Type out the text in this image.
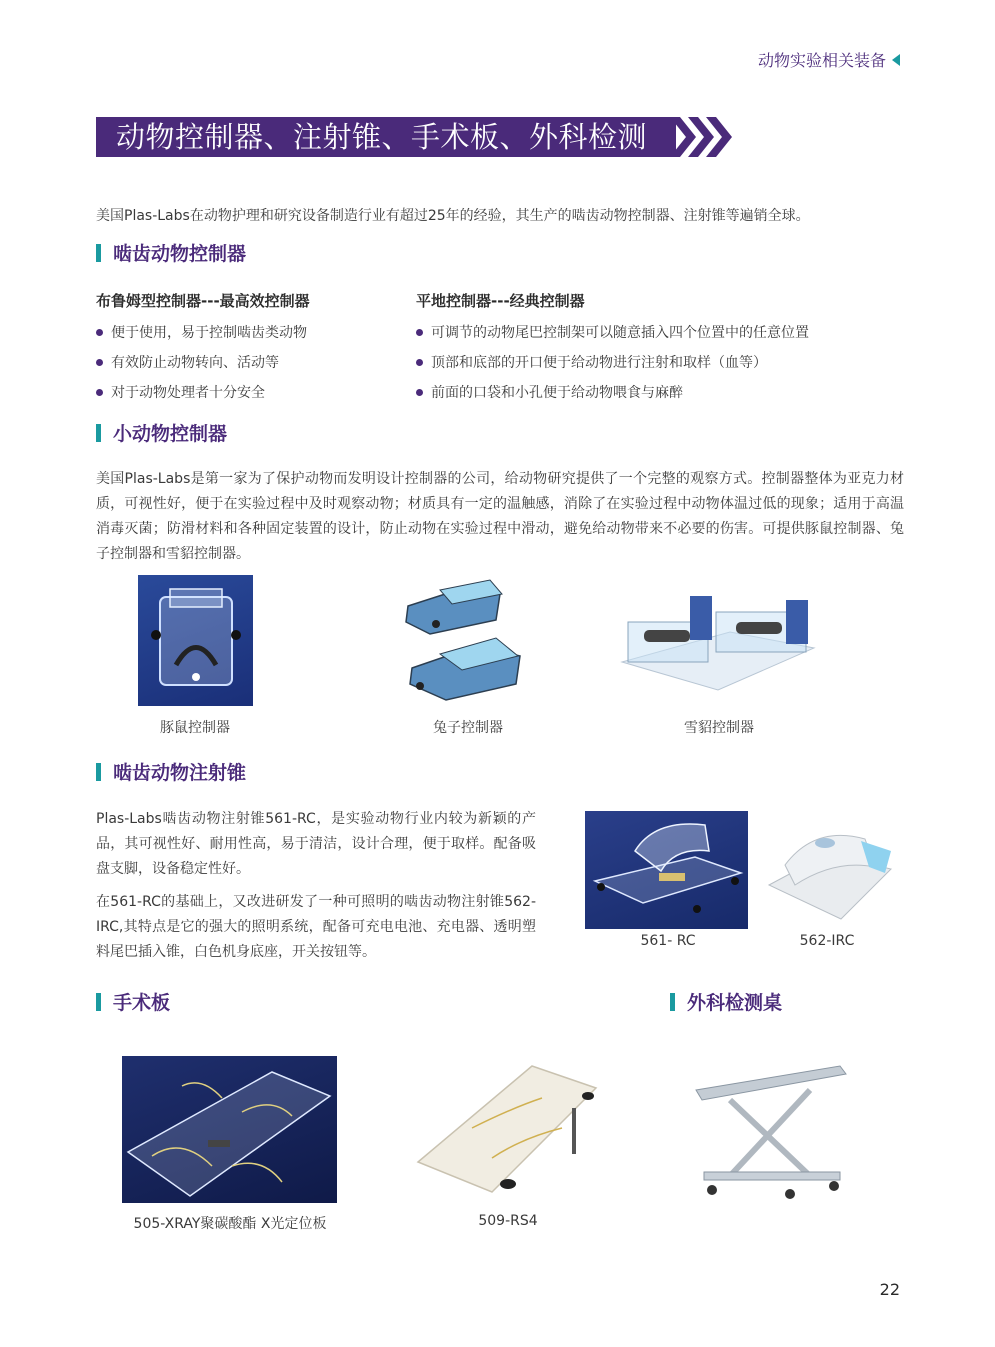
动物实验相关装备
动物控制器、注射锥、手术板、外科检测桌
美国Plas-Labs在动物护理和研究设备制造行业有超过25年的经验，其生产的啮齿动物控制器、注射锥等遍销全球。
啮齿动物控制器
布鲁姆型控制器---最高效控制器
便于使用，易于控制啮齿类动物
有效防止动物转向、活动等
对于动物处理者十分安全
平地控制器---经典控制器
可调节的动物尾巴控制架可以随意插入四个位置中的任意位置
顶部和底部的开口便于给动物进行注射和取样（血等）
前面的口袋和小孔便于给动物喂食与麻醉
小动物控制器
美国Plas-Labs是第一家为了保护动物而发明设计控制器的公司，给动物研究提供了一个完整的观察方式。控制器整体为亚克力材质，可视性好，便于在实验过程中及时观察动物；材质具有一定的温触感，消除了在实验过程中动物体温过低的现象；适用于高温消毒灭菌；防滑材料和各种固定装置的设计，防止动物在实验过程中滑动，避免给动物带来不必要的伤害。可提供豚鼠控制器、兔子控制器和雪貂控制器。
豚鼠控制器	兔子控制器	雪貂控制器
啮齿动物注射锥
Plas-Labs啮齿动物注射锥561-RC，是实验动物行业内较为新颖的产品，其可视性好、耐用性高，易于清洁，设计合理，便于取样。配备吸盘支脚，设备稳定性好。
在561-RC的基础上，又改进研发了一种可照明的啮齿动物注射锥562-IRC,其特点是它的强大的照明系统，配备可充电电池、充电器、透明塑料尾巴插入锥，白色机身底座，开关按钮等。
561- RC	562-IRC
手术板	外科检测桌
505-XRAY聚碳酸酯 X光定位板	509-RS4
22
